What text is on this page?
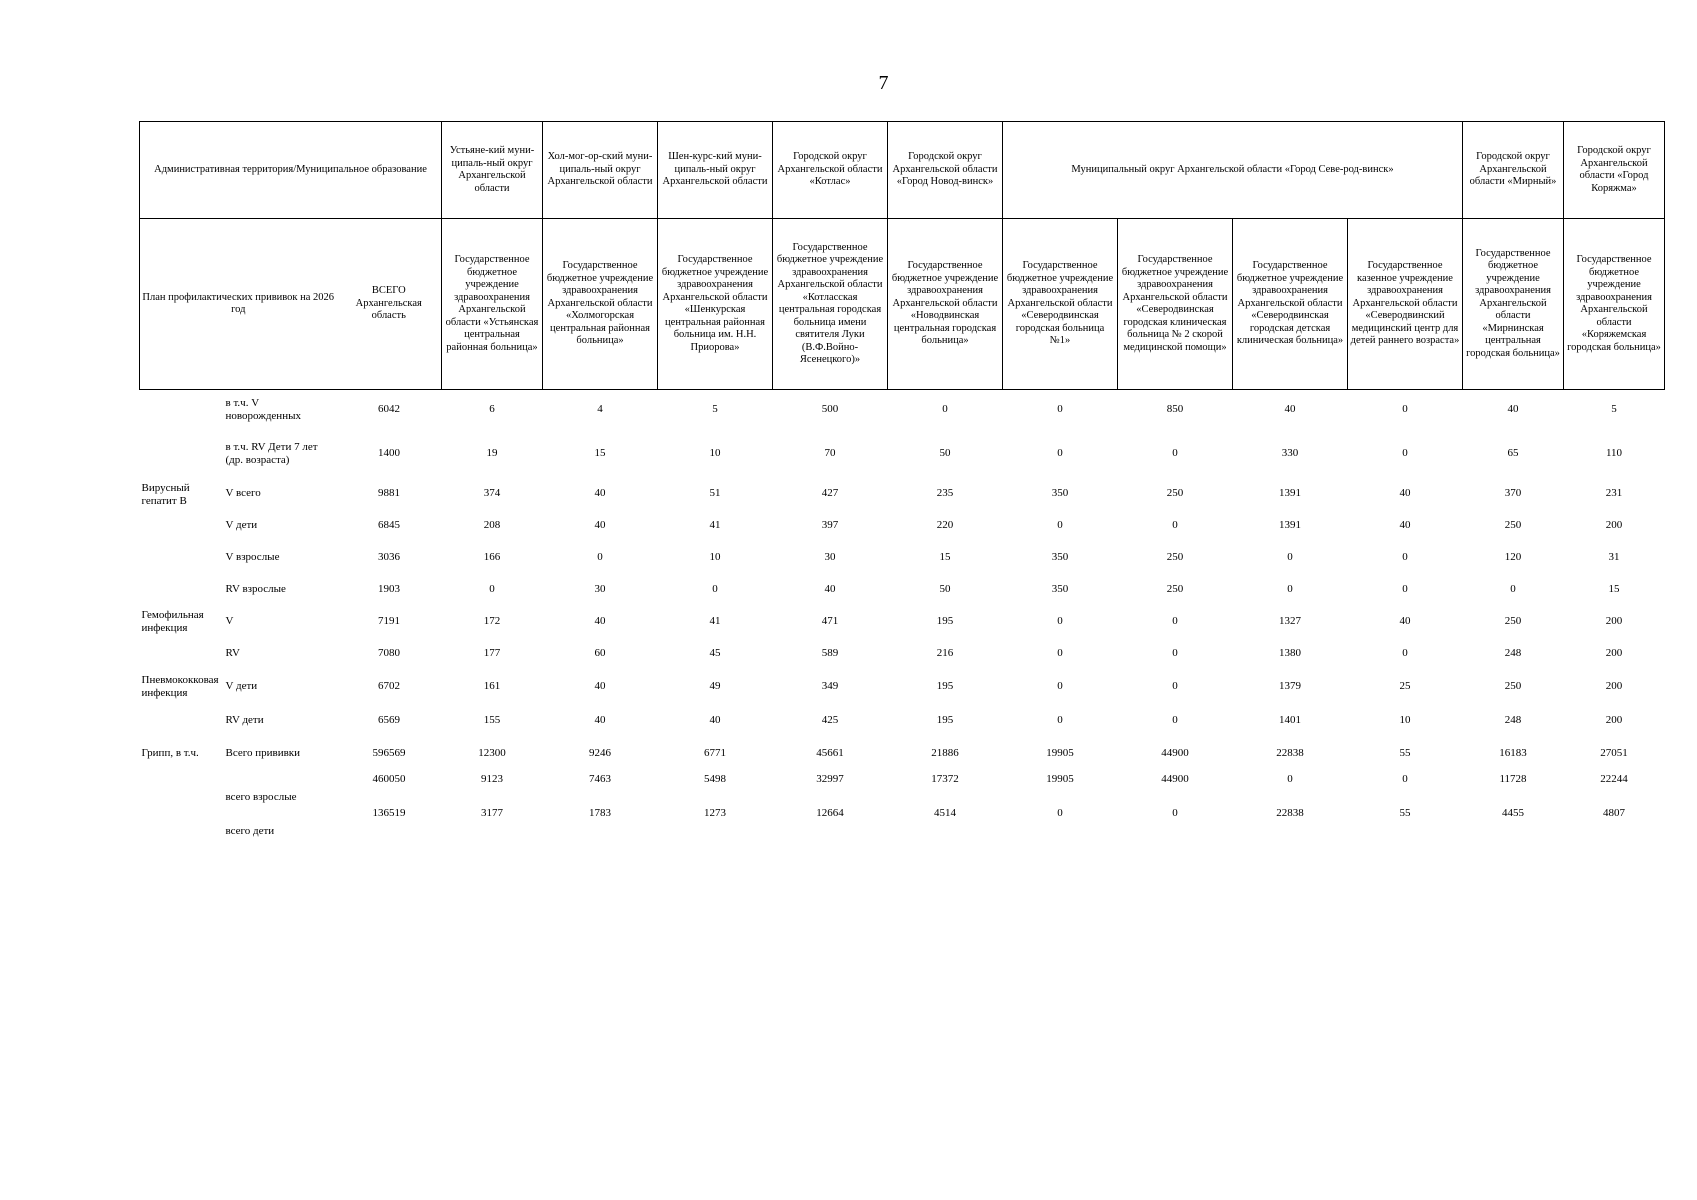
7
Административная территория/Муниципальное образование			Устьяне-кий муни-ципаль-ный округ Архангельской области	Хол-мог-ор-ский муни-ципаль-ный округ Архангельской области	Шен-курс-кий муни-ципаль-ный округ Архангельской области	Городской округ Архангельской области «Котлас»	Городской округ Архангельской области «Город Новод-винск»	Муниципальный округ Архангельской области «Город Севе-род-винск»				Городской округ Архангельской области «Мирный»	Городской округ Архангельской области «Город Коряжма»
План профилактических прививок на 2026 год		ВСЕГО Архангельская область	Государственное бюджетное учреждение здравоохранения Архангельской области «Устьянская центральная районная больница»	Государственное бюджетное учреждение здравоохранения Архангельской области «Холмогорская центральная районная больница»	Государственное бюджетное учреждение здравоохранения Архангельской области «Шенкурская центральная районная больница им. Н.Н. Приорова»	Государственное бюджетное учреждение здравоохранения Архангельской области «Котласская центральная городская больница имени святителя Луки (В.Ф.Войно-Ясенецкого)»	Государственное бюджетное учреждение здравоохранения Архангельской области «Новодвинская центральная городская больница»	Государственное бюджетное учреждение здравоохранения Архангельской области «Северодвинская городская больница №1»	Государственное бюджетное учреждение здравоохранения Архангельской области «Северодвинская городская клиническая больница № 2 скорой медицинской помощи»	Государственное бюджетное учреждение здравоохранения Архангельской области «Северодвинская городская детская клиническая больница»	Государственное казенное учреждение здравоохранения Архангельской области «Северодвинский медицинский центр для детей раннего возраста»	Государственное бюджетное учреждение здравоохранения Архангельской области «Мирнинская центральная городская больница»	Государственное бюджетное учреждение здравоохранения Архангельской области «Коряжемская городская больница»
	в т.ч. V новорожденных	6042	6	4	5	500	0	0	850	40	0	40	5
	в т.ч. RV Дети 7 лет (др. возраста)	1400	19	15	10	70	50	0	0	330	0	65	110
Вирусный гепатит B	V всего	9881	374	40	51	427	235	350	250	1391	40	370	231
	V дети	6845	208	40	41	397	220	0	0	1391	40	250	200
	V взрослые	3036	166	0	10	30	15	350	250	0	0	120	31
	RV взрослые	1903	0	30	0	40	50	350	250	0	0	0	15
Гемофильная инфекция	V	7191	172	40	41	471	195	0	0	1327	40	250	200
	RV	7080	177	60	45	589	216	0	0	1380	0	248	200
Пневмококковая инфекция	V дети	6702	161	40	49	349	195	0	0	1379	25	250	200
	RV дети	6569	155	40	40	425	195	0	0	1401	10	248	200
Грипп, в т.ч.	Всего прививки	596569	12300	9246	6771	45661	21886	19905	44900	22838	55	16183	27051
	всего взрослые	460050	9123	7463	5498	32997	17372	19905	44900	0	0	11728	22244
	всего дети	136519	3177	1783	1273	12664	4514	0	0	22838	55	4455	4807
